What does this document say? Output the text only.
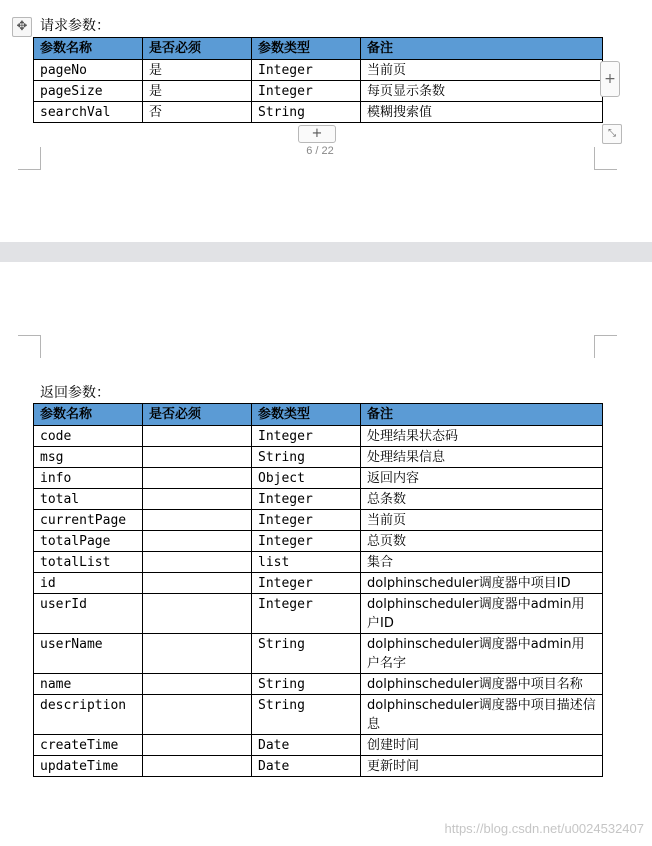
✥ 请求参数：
参数名称	是否必须	参数类型	备注
pageNo	是	Integer	当前页
pageSize	是	Integer	每页显示条数
searchVal	否	String	模糊搜索值
+
+	⤡
6 / 22
返回参数：
参数名称	是否必须	参数类型	备注
code		Integer	处理结果状态码
msg		String	处理结果信息
info		Object	返回内容
total		Integer	总条数
currentPage		Integer	当前页
totalPage		Integer	总页数
totalList		list	集合
id		Integer	dolphinscheduler调度器中项目ID
userId		Integer	dolphinscheduler调度器中admin用户ID
userName		String	dolphinscheduler调度器中admin用户名字
name		String	dolphinscheduler调度器中项目名称
description		String	dolphinscheduler调度器中项目描述信息
createTime		Date	创建时间
updateTime		Date	更新时间
https://blog.csdn.net/u0024532407
